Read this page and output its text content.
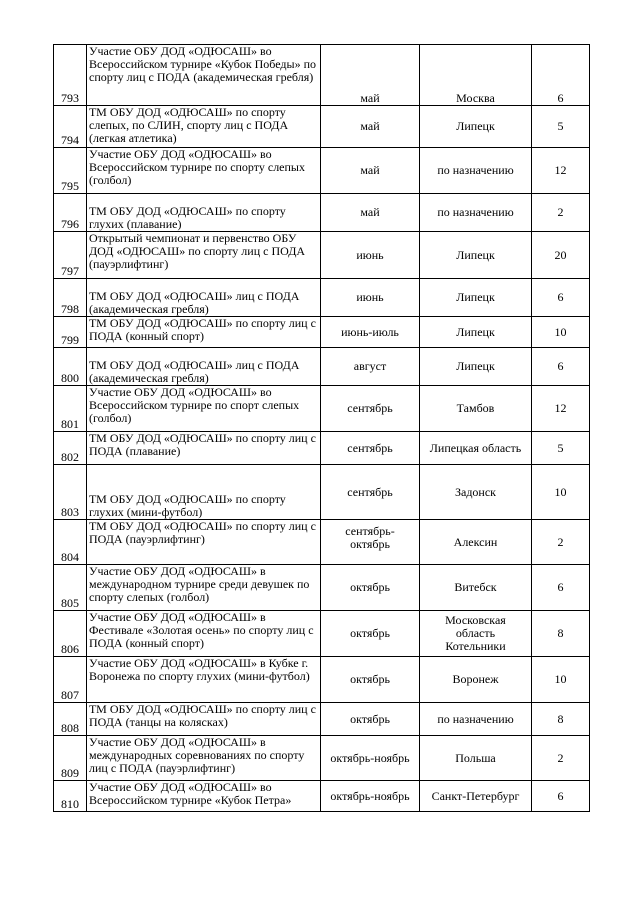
793	Участие ОБУ ДОД «ОДЮСАШ» во Всероссийском турнире «Кубок Победы» по спорту лиц с ПОДА (академическая гребля)	май	Москва	6
794	ТМ ОБУ ДОД «ОДЮСАШ» по спорту слепых, по СЛИН, спорту лиц с ПОДА (легкая атлетика)	май	Липецк	5
795	Участие ОБУ ДОД «ОДЮСАШ» во Всероссийском турнире по спорту слепых (голбол)	май	по назначению	12
796	ТМ ОБУ ДОД «ОДЮСАШ» по спорту глухих (плавание)	май	по назначению	2
797	Открытый чемпионат и первенство ОБУ ДОД «ОДЮСАШ» по спорту лиц с ПОДА (пауэрлифтинг)	июнь	Липецк	20
798	ТМ ОБУ ДОД «ОДЮСАШ» лиц с ПОДА (академическая гребля)	июнь	Липецк	6
799	ТМ ОБУ ДОД «ОДЮСАШ» по спорту лиц с ПОДА (конный спорт)	июнь-июль	Липецк	10
800	ТМ ОБУ ДОД «ОДЮСАШ» лиц с ПОДА (академическая гребля)	август	Липецк	6
801	Участие ОБУ ДОД «ОДЮСАШ» во Всероссийском турнире по спорт слепых (голбол)	сентябрь	Тамбов	12
802	ТМ ОБУ ДОД «ОДЮСАШ» по спорту лиц с ПОДА (плавание)	сентябрь	Липецкая область	5
803	ТМ ОБУ ДОД «ОДЮСАШ» по спорту глухих (мини-футбол)	сентябрь	Задонск	10
804	ТМ ОБУ ДОД «ОДЮСАШ» по спорту лиц с ПОДА (пауэрлифтинг)	сентябрь-
октябрь	Алексин	2
805	Участие ОБУ ДОД «ОДЮСАШ» в международном турнире среди девушек по спорту слепых (голбол)	октябрь	Витебск	6
806	Участие ОБУ ДОД «ОДЮСАШ» в Фестивале «Золотая осень» по спорту лиц с ПОДА (конный спорт)	октябрь	Московская
область
Котельники	8
807	Участие ОБУ ДОД «ОДЮСАШ» в Кубке г. Воронежа по спорту глухих (мини-футбол)	октябрь	Воронеж	10
808	ТМ ОБУ ДОД «ОДЮСАШ» по спорту лиц с ПОДА (танцы на колясках)	октябрь	по назначению	8
809	Участие ОБУ ДОД «ОДЮСАШ» в международных соревнованиях по спорту лиц с ПОДА (пауэрлифтинг)	октябрь-ноябрь	Польша	2
810	Участие ОБУ ДОД «ОДЮСАШ» во Всероссийском турнире «Кубок Петра»	октябрь-ноябрь	Санкт-Петербург	6
